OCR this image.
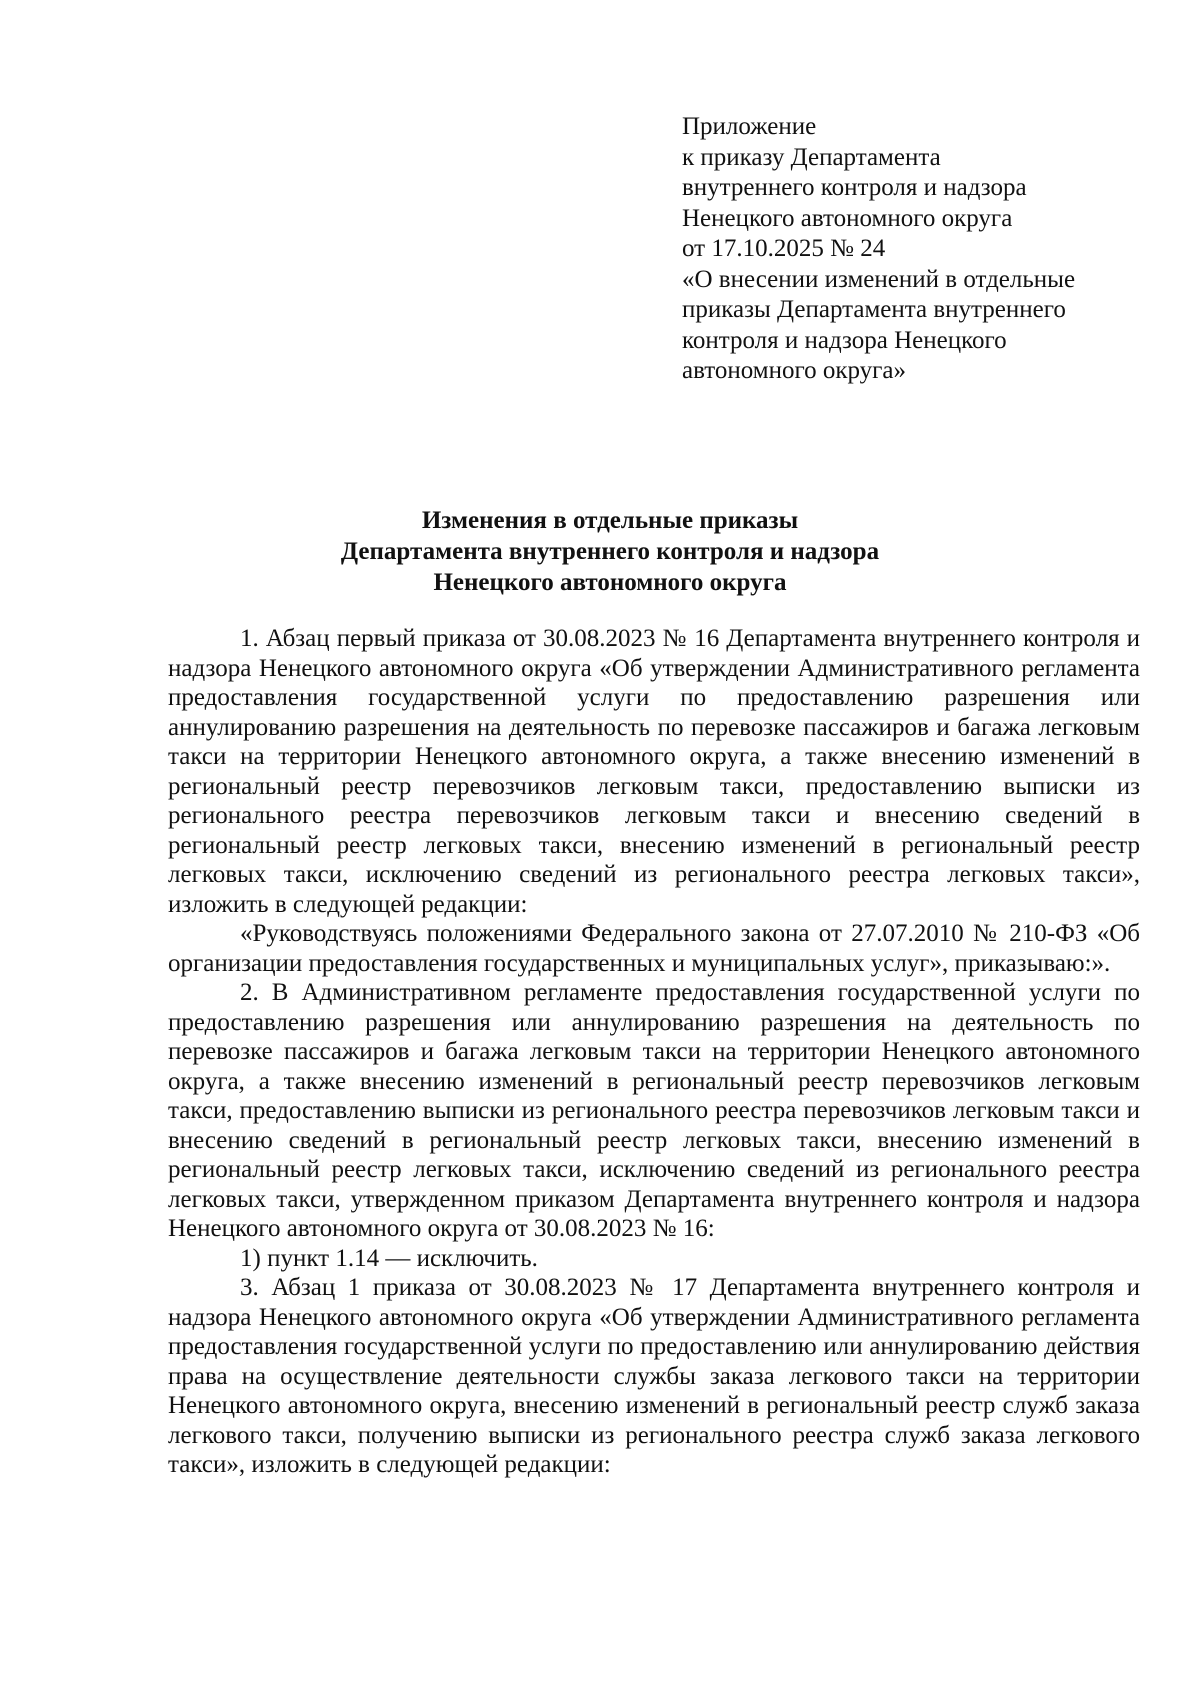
Приложение
к приказу Департамента
внутреннего контроля и надзора
Ненецкого автономного округа
от 17.10.2025 № 24
«О внесении изменений в отдельные
приказы Департамента внутреннего
контроля и надзора Ненецкого
автономного округа»
Изменения в отдельные приказы
Департамента внутреннего контроля и надзора
Ненецкого автономного округа

1. Абзац первый приказа от 30.08.2023 № 16 Департамента внутреннего контроля и надзора Ненецкого автономного округа «Об утверждении Административного регламента предоставления государственной услуги по предоставлению разрешения или аннулированию разрешения на деятельность по перевозке пассажиров и багажа легковым такси на территории Ненецкого автономного округа, а также внесению изменений в региональный реестр перевозчиков легковым такси, предоставлению выписки из регионального реестра перевозчиков легковым такси и внесению сведений в региональный реестр легковых такси, внесению изменений в региональный реестр легковых такси, исключению сведений из регионального реестра легковых такси», изложить в следующей редакции:

«Руководствуясь положениями Федерального закона от 27.07.2010 № 210-ФЗ «Об организации предоставления государственных и муниципальных услуг», приказываю:».

2. В Административном регламенте предоставления государственной услуги по предоставлению разрешения или аннулированию разрешения на деятельность по перевозке пассажиров и багажа легковым такси на территории Ненецкого автономного округа, а также внесению изменений в региональный реестр перевозчиков легковым такси, предоставлению выписки из регионального реестра перевозчиков легковым такси и внесению сведений в региональный реестр легковых такси, внесению изменений в региональный реестр легковых такси, исключению сведений из регионального реестра легковых такси, утвержденном приказом Департамента внутреннего контроля и надзора Ненецкого автономного округа от 30.08.2023 № 16:

1) пункт 1.14 — исключить.

3. Абзац 1 приказа от 30.08.2023 № 17 Департамента внутреннего контроля и надзора Ненецкого автономного округа «Об утверждении Административного регламента предоставления государственной услуги по предоставлению или аннулированию действия права на осуществление деятельности службы заказа легкового такси на территории Ненецкого автономного округа, внесению изменений в региональный реестр служб заказа легкового такси, получению выписки из регионального реестра служб заказа легкового такси», изложить в следующей редакции:
